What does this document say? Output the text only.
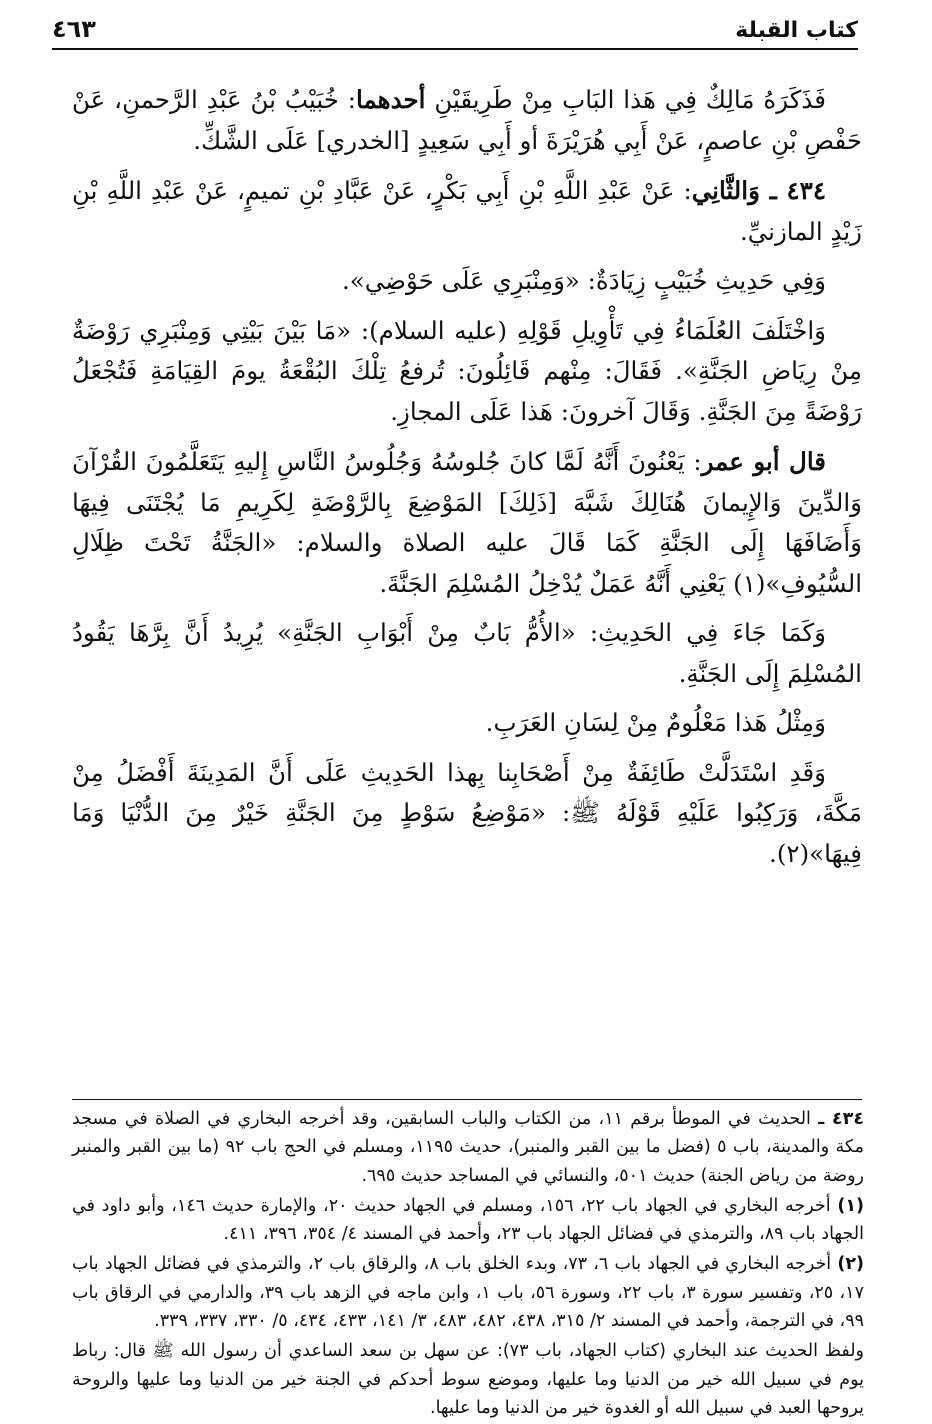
كتاب القبلة
٤٦٣

فَذَكَرَهُ مَالِكٌ فِي هَذا البَابِ مِنْ طَرِيقَيْنِ أحدهما: خُبَيْبُ بْنُ عَبْدِ الرَّحمنِ، عَنْ حَفْصِ بْنِ عاصمٍ، عَنْ أَبِي هُرَيْرَةَ أو أَبِي سَعِيدٍ [الخدري] عَلَى الشَّكِّ.

٤٣٤ ـ وَالثَّانِي: عَنْ عَبْدِ اللَّهِ بْنِ أَبِي بَكْرٍ، عَنْ عَبَّادِ بْنِ تميمٍ، عَنْ عَبْدِ اللَّهِ بْنِ زَيْدٍ المازنيِّ.

وَفِي حَدِيثِ خُبَيْبٍ زِيَادَةٌ: «وَمِنْبَرِي عَلَى حَوْضِي».

وَاخْتَلَفَ العُلَمَاءُ فِي تَأْوِيلِ قَوْلِهِ (عليه السلام): «مَا بَيْنَ بَيْتِي وَمِنْبَرِي رَوْضَةٌ مِنْ رِيَاضِ الجَنَّةِ». فَقَالَ: مِنْهم قَائِلُونَ: تُرفعُ تِلْكَ البُقْعَةُ يومَ القِيَامَةِ فَتُجْعَلُ رَوْضَةً مِنَ الجَنَّةِ. وَقَالَ آخرونَ: هَذا عَلَى المجازِ.

قال أبو عمر: يَعْنُونَ أَنَّهُ لَمَّا كانَ جُلوسُهُ وَجُلُوسُ النَّاسِ إِليهِ يَتَعَلَّمُونَ القُرْآنَ وَالدِّينَ وَالإِيمانَ هُنَالِكَ شَبَّهَ [ذَلِكَ] المَوْضِعَ بِالرَّوْضَةِ لِكَرِيمِ مَا يُجْتَنَى فِيهَا وَأَضَافَهَا إِلَى الجَنَّةِ كَمَا قَالَ عليه الصلاة والسلام: «الجَنَّةُ تَحْتَ ظِلَالِ السُّيُوفِ»(١) يَعْنِي أَنَّهُ عَمَلٌ يُدْخِلُ المُسْلِمَ الجَنَّةَ.

وَكَمَا جَاءَ فِي الحَدِيثِ: «الأُمُّ بَابٌ مِنْ أَبْوَابِ الجَنَّةِ» يُرِيدُ أَنَّ بِرَّهَا يَقُودُ المُسْلِمَ إِلَى الجَنَّةِ.

وَمِثْلُ هَذا مَعْلُومٌ مِنْ لِسَانِ العَرَبِ.

وَقَدِ اسْتَدَلَّتْ طَائِفَةٌ مِنْ أَصْحَابِنا بِهذا الحَدِيثِ عَلَى أَنَّ المَدِينَةَ أَفْضَلُ مِنْ مَكَّةَ، وَرَكِبُوا عَلَيْهِ قَوْلَهُ ﷺ: «مَوْضِعُ سَوْطٍ مِنَ الجَنَّةِ خَيْرٌ مِنَ الدُّنْيَا وَمَا فِيهَا»(٢).

٤٣٤ ـ الحديث في الموطأ برقم ١١، من الكتاب والباب السابقين، وقد أخرجه البخاري في الصلاة في مسجد مكة والمدينة، باب ٥ (فضل ما بين القبر والمنبر)، حديث ١١٩٥، ومسلم في الحج باب ٩٢ (ما بين القبر والمنبر روضة من رياض الجنة) حديث ٥٠١، والنسائي في المساجد حديث ٦٩٥.

(١) أخرجه البخاري في الجهاد باب ٢٢، ١٥٦، ومسلم في الجهاد حديث ٢٠، والإمارة حديث ١٤٦، وأبو داود في الجهاد باب ٨٩، والترمذي في فضائل الجهاد باب ٢٣، وأحمد في المسند ٤/ ٣٥٤، ٣٩٦، ٤١١.

(٢) أخرجه البخاري في الجهاد باب ٦، ٧٣، وبدء الخلق باب ٨، والرقاق باب ٢، والترمذي في فضائل الجهاد باب ١٧، ٢٥، وتفسير سورة ٣، باب ٢٢، وسورة ٥٦، باب ١، وابن ماجه في الزهد باب ٣٩، والدارمي في الرقاق باب ٩٩، في الترجمة، وأحمد في المسند ٢/ ٣١٥، ٤٣٨، ٤٨٢، ٤٨٣، ٣/ ١٤١، ٤٣٣، ٤٣٤، ٥/ ٣٣٠، ٣٣٧، ٣٣٩.

ولفظ الحديث عند البخاري (كتاب الجهاد، باب ٧٣): عن سهل بن سعد الساعدي أن رسول الله ﷺ قال: رباط يوم في سبيل الله خير من الدنيا وما عليها، وموضع سوط أحدكم في الجنة خير من الدنيا وما عليها والروحة يروحها العبد في سبيل الله أو الغدوة خير من الدنيا وما عليها.
